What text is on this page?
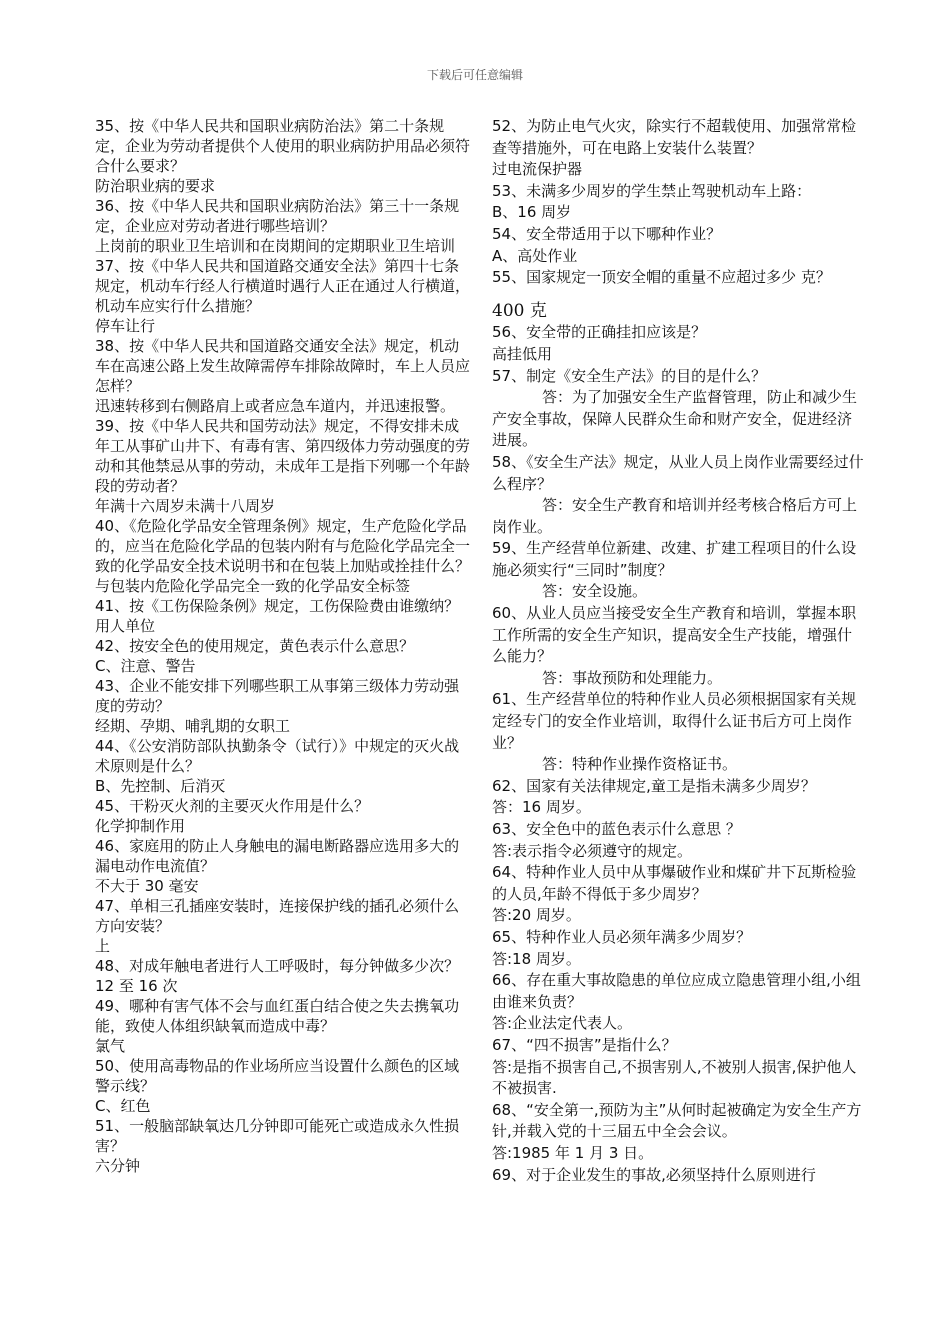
下载后可任意编辑

35、按《中华人民共和国职业病防治法》第二十条规定，企业为劳动者提供个人使用的职业病防护用品必须符合什么要求？

防治职业病的要求

36、按《中华人民共和国职业病防治法》第三十一条规定，企业应对劳动者进行哪些培训？

上岗前的职业卫生培训和在岗期间的定期职业卫生培训

37、按《中华人民共和国道路交通安全法》第四十七条规定，机动车行经人行横道时遇行人正在通过人行横道，机动车应实行什么措施？

停车让行

38、按《中华人民共和国道路交通安全法》规定，机动车在高速公路上发生故障需停车排除故障时，车上人员应怎样？

迅速转移到右侧路肩上或者应急车道内，并迅速报警。

39、按《中华人民共和国劳动法》规定，不得安排未成年工从事矿山井下、有毒有害、第四级体力劳动强度的劳动和其他禁忌从事的劳动，未成年工是指下列哪一个年龄段的劳动者？

年满十六周岁未满十八周岁

40、《危险化学品安全管理条例》规定，生产危险化学品的，应当在危险化学品的包装内附有与危险化学品完全一致的化学品安全技术说明书和在包装上加贴或拴挂什么？

与包装内危险化学品完全一致的化学品安全标签

41、按《工伤保险条例》规定，工伤保险费由谁缴纳？

用人单位

42、按安全色的使用规定，黄色表示什么意思？

C、注意、警告

43、企业不能安排下列哪些职工从事第三级体力劳动强度的劳动？

经期、孕期、哺乳期的女职工

44、《公安消防部队执勤条令（试行）》中规定的灭火战术原则是什么？

B、先控制、后消灭

45、干粉灭火剂的主要灭火作用是什么？

化学抑制作用

46、家庭用的防止人身触电的漏电断路器应选用多大的漏电动作电流值？

不大于 30 毫安

47、单相三孔插座安装时，连接保护线的插孔必须什么方向安装？

上

48、对成年触电者进行人工呼吸时，每分钟做多少次？

12 至 16 次

49、哪种有害气体不会与血红蛋白结合使之失去携氧功能，致使人体组织缺氧而造成中毒？

氯气

50、使用高毒物品的作业场所应当设置什么颜色的区域警示线？

C、红色

51、一般脑部缺氧达几分钟即可能死亡或造成永久性损害？

六分钟

52、为防止电气火灾，除实行不超载使用、加强常常检查等措施外，可在电路上安装什么装置？

过电流保护器

53、未满多少周岁的学生禁止驾驶机动车上路：

B、16 周岁

54、安全带适用于以下哪种作业？

A、高处作业

55、国家规定一顶安全帽的重量不应超过多少 克？

400 克

56、安全带的正确挂扣应该是？

高挂低用

57、制定《安全生产法》的目的是什么？

答：为了加强安全生产监督管理，防止和减少生产安全事故，保障人民群众生命和财产安全，促进经济进展。

58、《安全生产法》规定，从业人员上岗作业需要经过什么程序？

答：安全生产教育和培训并经考核合格后方可上岗作业。

59、生产经营单位新建、改建、扩建工程项目的什么设施必须实行“三同时”制度？

答：安全设施。

60、从业人员应当接受安全生产教育和培训，掌握本职工作所需的安全生产知识，提高安全生产技能，增强什么能力？

答：事故预防和处理能力。

61、生产经营单位的特种作业人员必须根据国家有关规定经专门的安全作业培训，取得什么证书后方可上岗作业？

答：特种作业操作资格证书。

62、国家有关法律规定,童工是指未满多少周岁？

答：16 周岁。

63、安全色中的蓝色表示什么意思 ？

答:表示指令必须遵守的规定。

64、特种作业人员中从事爆破作业和煤矿井下瓦斯检验的人员,年龄不得低于多少周岁？

答:20 周岁。

65、特种作业人员必须年满多少周岁？

答:18 周岁。

66、存在重大事故隐患的单位应成立隐患管理小组,小组由谁来负责？

答:企业法定代表人。

67、“四不损害”是指什么？

答:是指不损害自己,不损害别人,不被别人损害,保护他人不被损害.

68、“安全第一,预防为主”从何时起被确定为安全生产方针,并载入党的十三届五中全会会议。

答:1985 年 1 月 3 日。

69、对于企业发生的事故,必须坚持什么原则进行
